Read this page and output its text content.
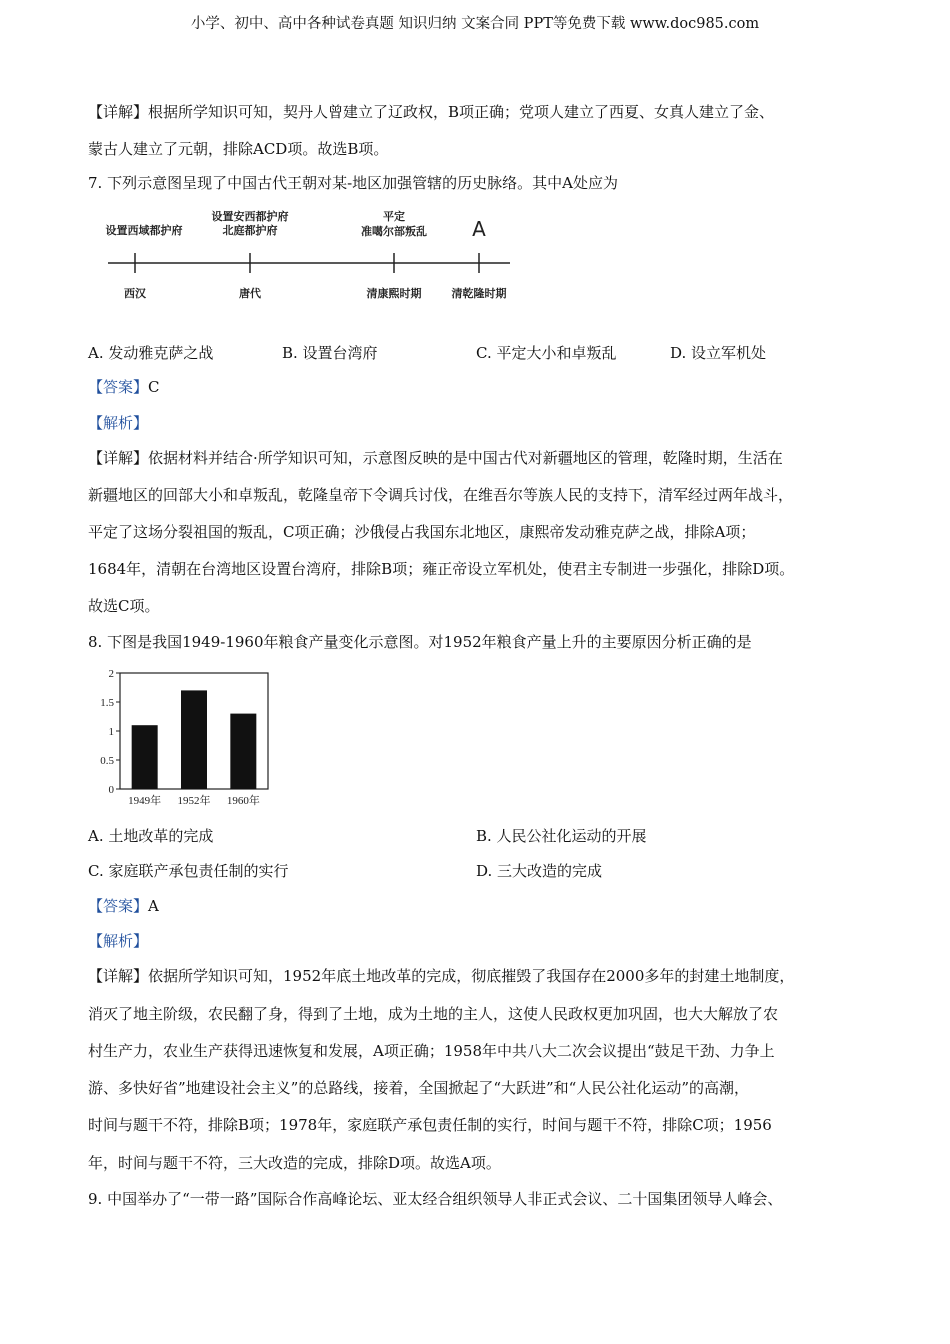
小学、初中、高中各种试卷真题 知识归纳 文案合同 PPT等免费下载 www.doc985.com
【详解】根据所学知识可知，契丹人曾建立了辽政权，B项正确；党项人建立了西夏、女真人建立了金、
蒙古人建立了元朝，排除ACD项。故选B项。
7. 下列示意图呈现了中国古代王朝对某-地区加强管辖的历史脉络。其中A处应为
设置西域都护府
设置安西都护府
北庭都护府
平定
准噶尔部叛乱 A
西汉	唐代	清康熙时期	清乾隆时期
A. 发动雅克萨之战	B. 设置台湾府	C. 平定大小和卓叛乱	D. 设立军机处
【答案】C
【解析】
【详解】依据材料并结合·所学知识可知，示意图反映的是中国古代对新疆地区的管理，乾隆时期，生活在
新疆地区的回部大小和卓叛乱，乾隆皇帝下令调兵讨伐，在维吾尔等族人民的支持下，清军经过两年战斗，
平定了这场分裂祖国的叛乱，C项正确；沙俄侵占我国东北地区，康熙帝发动雅克萨之战，排除A项；
1684年，清朝在台湾地区设置台湾府，排除B项；雍正帝设立军机处，使君主专制进一步强化，排除D项。
故选C项。
8. 下图是我国1949-1960年粮食产量变化示意图。对1952年粮食产量上升的主要原因分析正确的是
0
0.5
1
1.5
2
1949年 1952年 1960年
A. 土地改革的完成	B. 人民公社化运动的开展
C. 家庭联产承包责任制的实行	D. 三大改造的完成
【答案】A
【解析】
【详解】依据所学知识可知，1952年底土地改革的完成，彻底摧毁了我国存在2000多年的封建土地制度，
消灭了地主阶级，农民翻了身，得到了土地，成为土地的主人，这使人民政权更加巩固，也大大解放了农
村生产力，农业生产获得迅速恢复和发展，A项正确；1958年中共八大二次会议提出“鼓足干劲、力争上
游、多快好省”地建设社会主义”的总路线，接着，全国掀起了“大跃进”和“人民公社化运动”的高潮，
时间与题干不符，排除B项；1978年，家庭联产承包责任制的实行，时间与题干不符，排除C项；1956
年，时间与题干不符，三大改造的完成，排除D项。故选A项。
9. 中国举办了“一带一路”国际合作高峰论坛、亚太经合组织领导人非正式会议、二十国集团领导人峰会、
